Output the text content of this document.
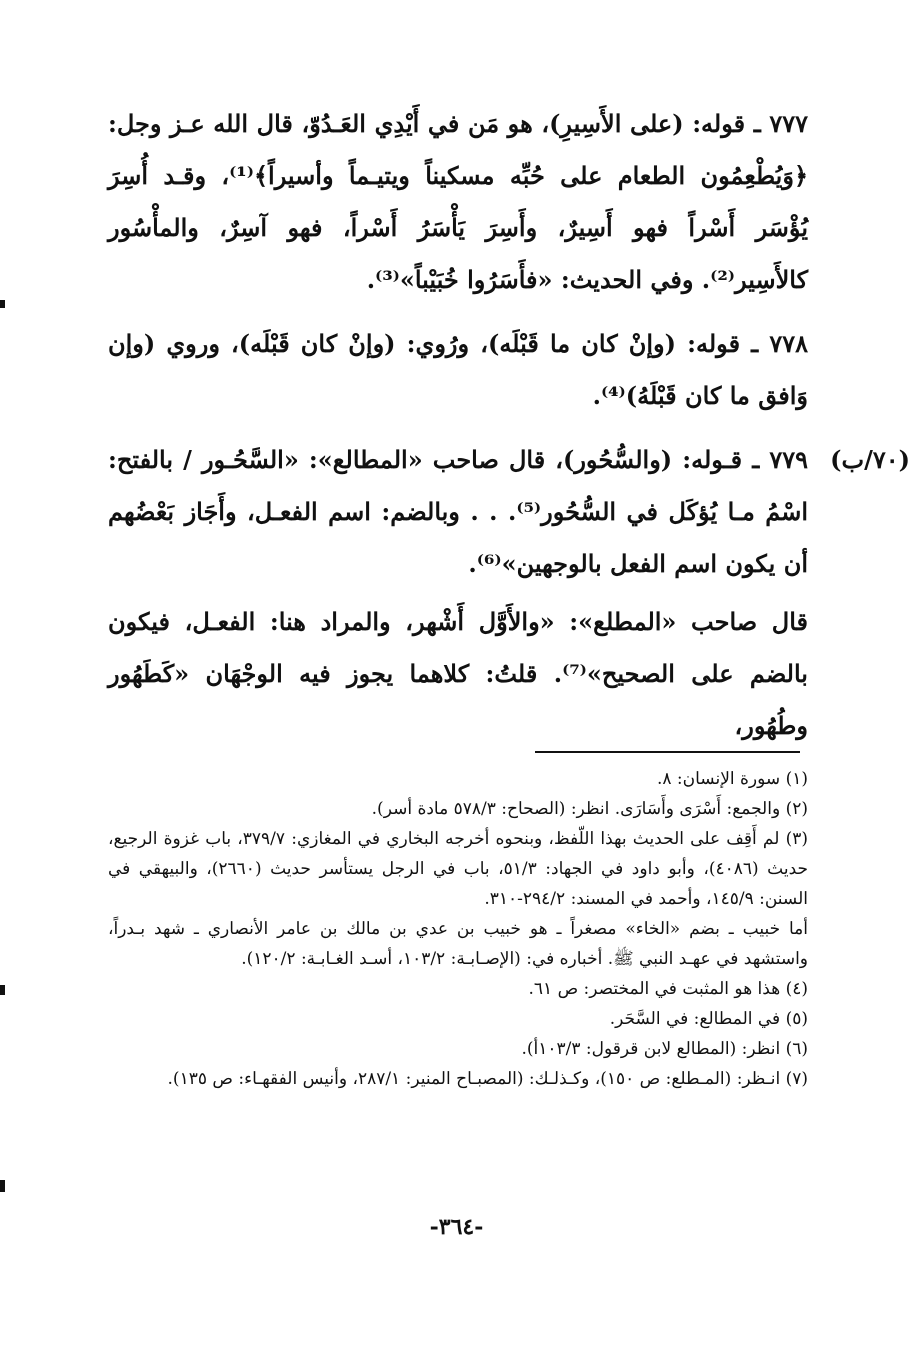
٧٧٧ ـ قوله: (على الأَسِيرِ)، هو مَن في أَيْدِي العَـدُوّ، قال الله عـز وجل: ﴿وَيُطْعِمُون الطعام على حُبِّه مسكيناً ويتيـماً وأسيراً﴾⁽¹⁾، وقـد أُسِرَ يُؤْسَر أَسْراً فهو أَسِيرٌ، وأَسِرَ يَأْسَرُ أَسْراً، فهو آسِرٌ، والمأْسُور كالأَسِير⁽²⁾. وفي الحديث: «فأَسَرُوا خُبَيْباً»⁽³⁾.

٧٧٨ ـ قوله: (وإنْ كان ما قَبْلَه)، ورُوي: (وإنْ كان قَبْلَه)، وروي (وإن وَافق ما كان قَبْلَهُ)⁽⁴⁾.

(٧٠/ب)

٧٧٩ ـ قـوله: (والسُّحُور)، قال صاحب «المطالع»: «السَّحُـور / بالفتح: اسْمُ مـا يُؤكَل في السُّحُور⁽⁵⁾. . . وبالضم: اسم الفعـل، وأَجَاز بَعْضُهم أن يكون اسم الفعل بالوجهين»⁽⁶⁾.

قال صاحب «المطلع»: «والأَوَّل أَشْهر، والمراد هنا: الفعـل، فيكون بالضم على الصحيح»⁽⁷⁾. قلتُ: كلاهما يجوز فيه الوجْهَان «كَطَهُور وطُهُور،

(١) سورة الإنسان: ٨.

(٢) والجمع: أَسْرَى وأَسَارَى. انظر: (الصحاح: ٥٧٨/٣ مادة أسر).

(٣) لم أَقِف على الحديث بهذا اللّفظ، وبنحوه أخرجه البخاري في المغازي: ٣٧٩/٧، باب غزوة الرجيع، حديث (٤٠٨٦)، وأبو داود في الجهاد: ٥١/٣، باب في الرجل يستأسر حديث (٢٦٦٠)، والبيهقي في السنن: ١٤٥/٩، وأحمد في المسند: ٢٩٤/٢-٣١٠.

أما خبيب ـ بضم «الخاء» مصغراً ـ هو خبيب بن عدي بن مالك بن عامر الأنصاري ـ شهد بـدراً، واستشهد في عهـد النبي ﷺ. أخباره في: (الإصـابـة: ١٠٣/٢، أسـد الغـابـة: ١٢٠/٢).

(٤) هذا هو المثبت في المختصر: ص ٦١.

(٥) في المطالع: في السَّحَر.

(٦) انظر: (المطالع لابن قرقول: ١٠٣/٣أ).

(٧) انـظر: (المـطلع: ص ١٥٠)، وكـذلـك: (المصبـاح المنير: ٢٨٧/١، وأنيس الفقهـاء: ص ١٣٥).

-٣٦٤-
